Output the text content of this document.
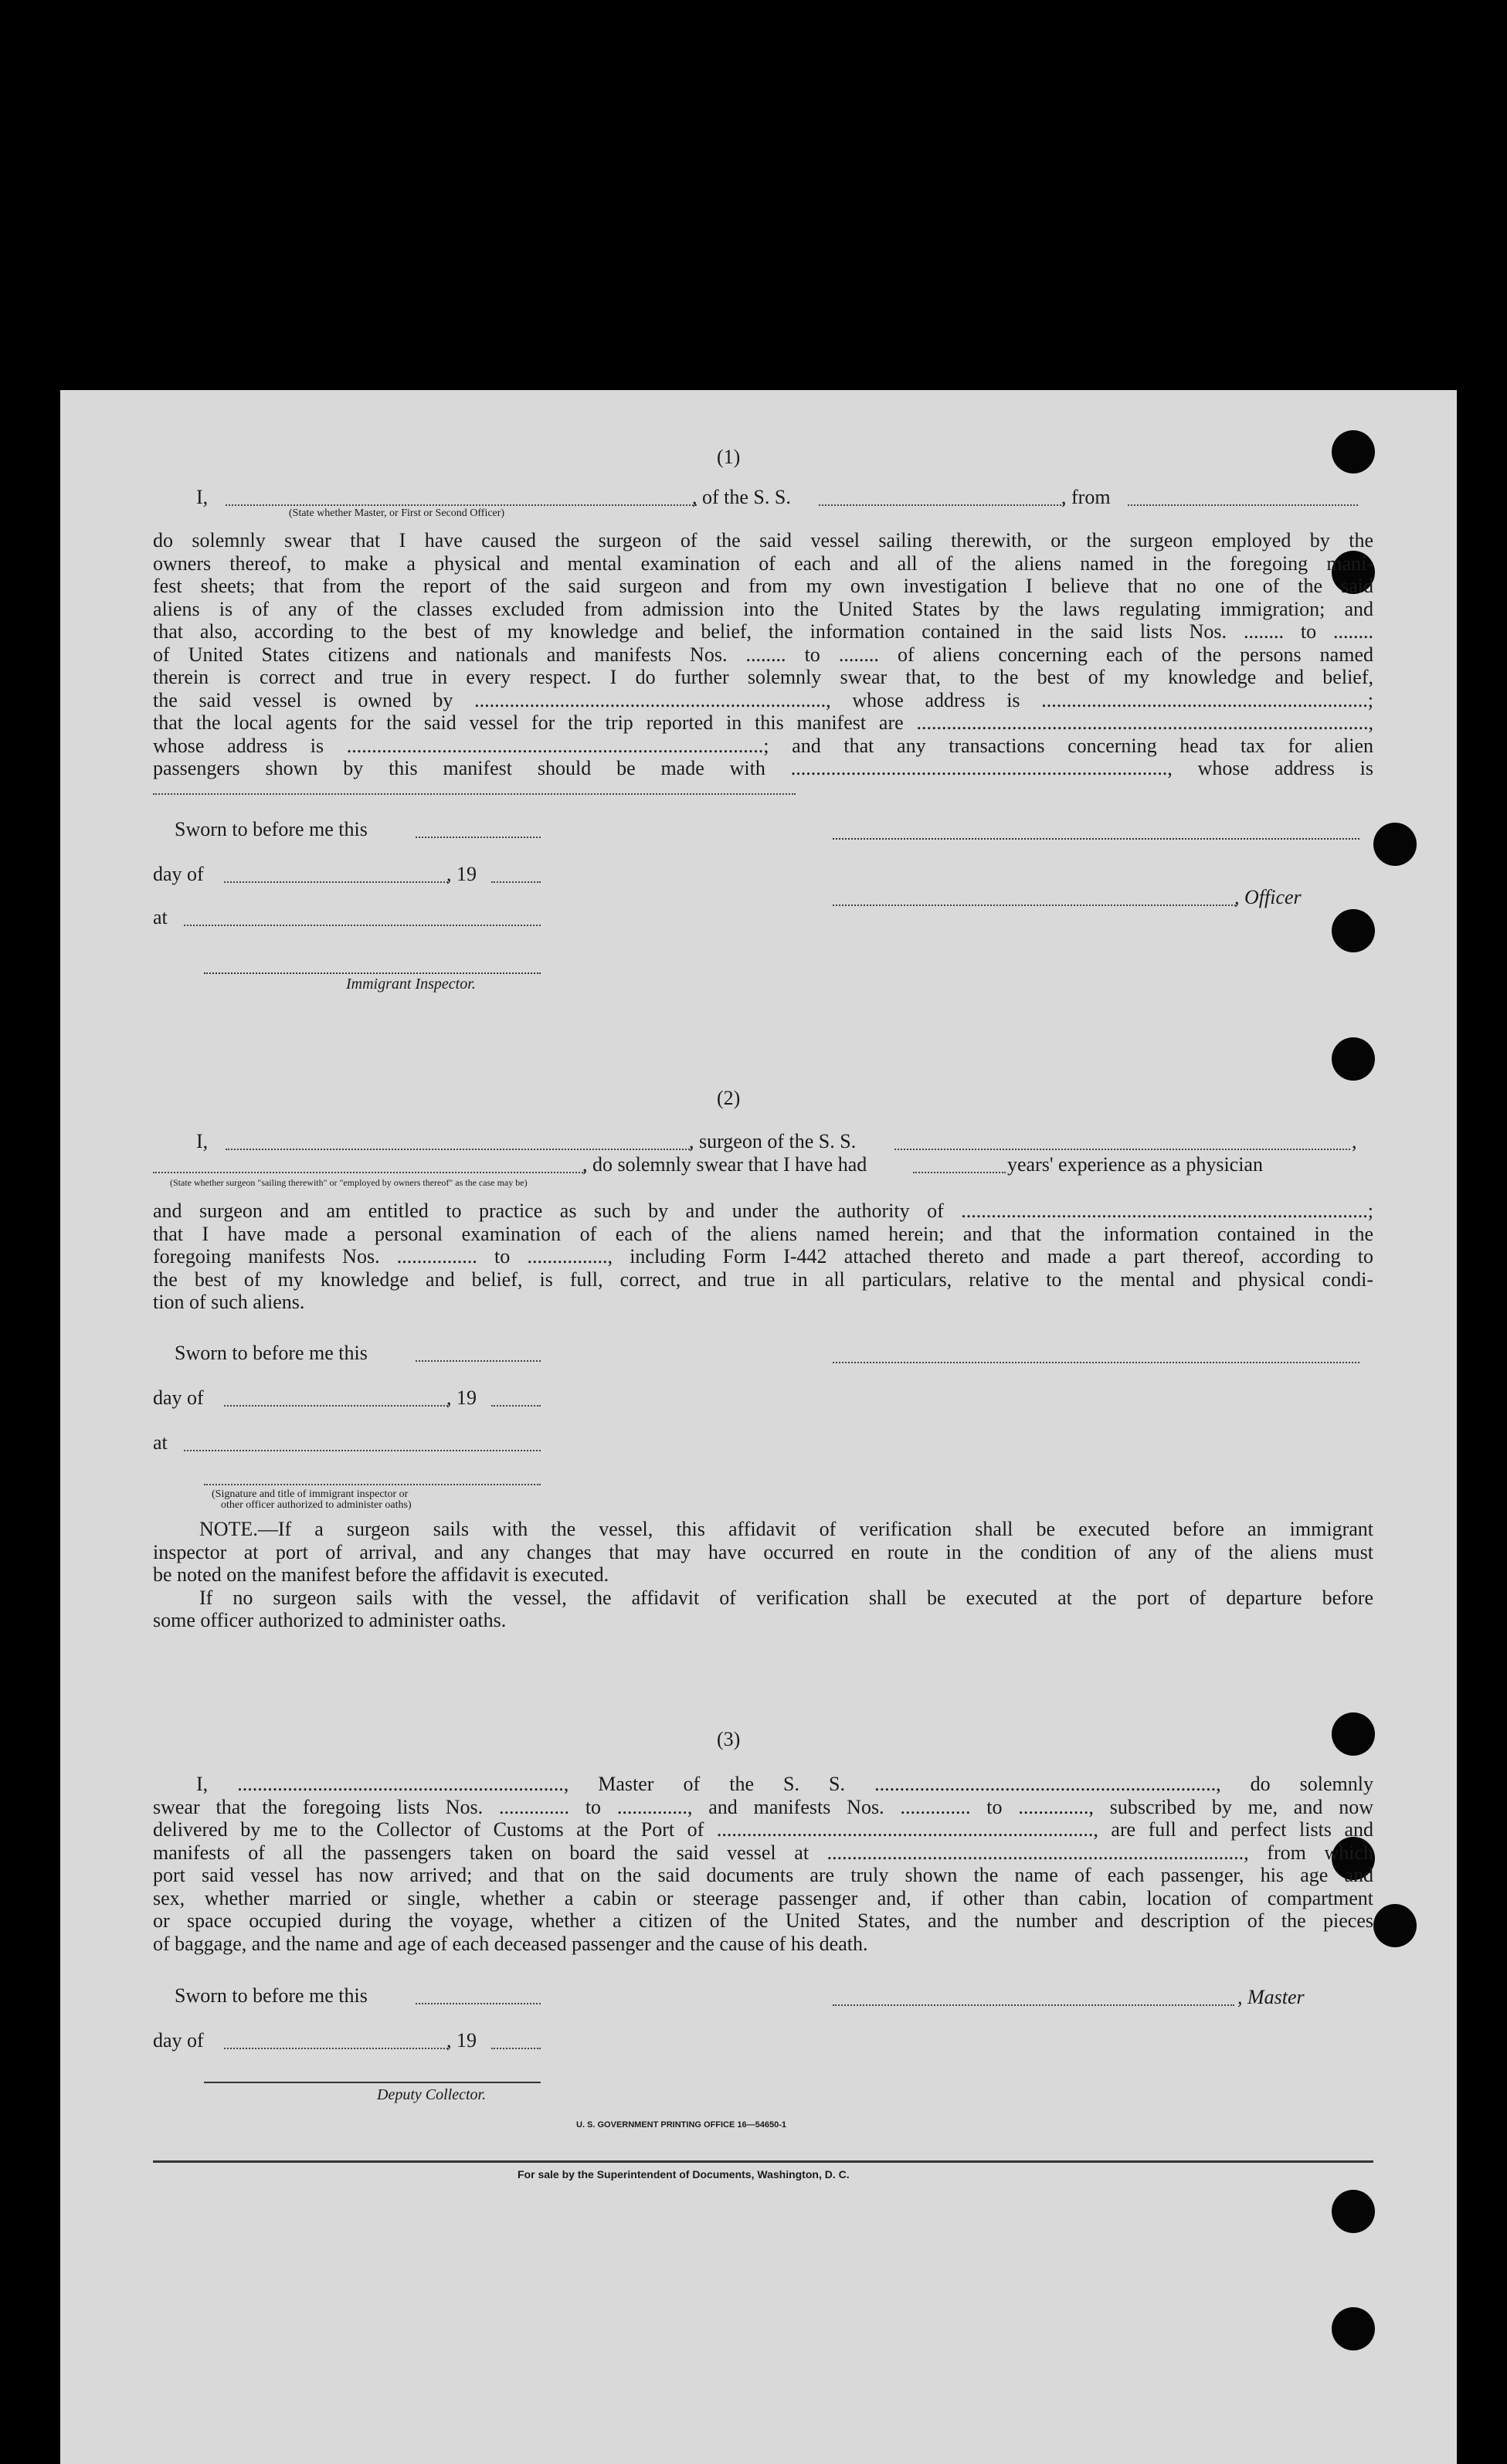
(1)
I,	, of the S. S.	, from
(State whether Master, or First or Second Officer)
do solemnly swear that I have caused the surgeon of the said vessel sailing therewith, or the surgeon employed by the
owners thereof, to make a physical and mental examination of each and all of the aliens named in the foregoing mani-
fest sheets; that from the report of the said surgeon and from my own investigation I believe that no one of the said
aliens is of any of the classes excluded from admission into the United States by the laws regulating immigration; and
that also, according to the best of my knowledge and belief, the information contained in the said lists Nos. ........ to ........
of United States citizens and nationals and manifests Nos. ........ to ........ of aliens concerning each of the persons named
therein is correct and true in every respect. I do further solemnly swear that, to the best of my knowledge and belief,
the said vessel is owned by ......................................................................, whose address is .................................................................;
that the local agents for the said vessel for the trip reported in this manifest are ..........................................................................................,
whose address is ...................................................................................; and that any transactions concerning head tax for alien
passengers shown by this manifest should be made with ..........................................................................., whose address is
Sworn to before me this
day of	, 19
, Officer
at
Immigrant Inspector.
(2)
I,	, surgeon of the S. S.	,
, do solemnly swear that I have had	years' experience as a physician
(State whether surgeon "sailing therewith" or "employed by owners thereof" as the case may be)
and surgeon and am entitled to practice as such by and under the authority of .................................................................................;
that I have made a personal examination of each of the aliens named herein; and that the information contained in the
foregoing manifests Nos. ................ to ................, including Form I-442 attached thereto and made a part thereof, according to
the best of my knowledge and belief, is full, correct, and true in all particulars, relative to the mental and physical condi-
tion of such aliens.
Sworn to before me this
day of	, 19
at
(Signature and title of immigrant inspector or
other officer authorized to administer oaths)
NOTE.—If a surgeon sails with the vessel, this affidavit of verification shall be executed before an immigrant
inspector at port of arrival, and any changes that may have occurred en route in the condition of any of the aliens must
be noted on the manifest before the affidavit is executed.
If no surgeon sails with the vessel, the affidavit of verification shall be executed at the port of departure before
some officer authorized to administer oaths.
(3)
I, ................................................................., Master of the S. S. ...................................................................., do solemnly
swear that the foregoing lists Nos. .............. to .............., and manifests Nos. .............. to .............., subscribed by me, and now
delivered by me to the Collector of Customs at the Port of ..........................................................................., are full and perfect lists and
manifests of all the passengers taken on board the said vessel at ..................................................................................., from which
port said vessel has now arrived; and that on the said documents are truly shown the name of each passenger, his age and
sex, whether married or single, whether a cabin or steerage passenger and, if other than cabin, location of compartment
or space occupied during the voyage, whether a citizen of the United States, and the number and description of the pieces
of baggage, and the name and age of each deceased passenger and the cause of his death.
Sworn to before me this	, Master
day of	, 19
Deputy Collector.
U. S. GOVERNMENT PRINTING OFFICE 16—54650-1
For sale by the Superintendent of Documents, Washington, D. C.
